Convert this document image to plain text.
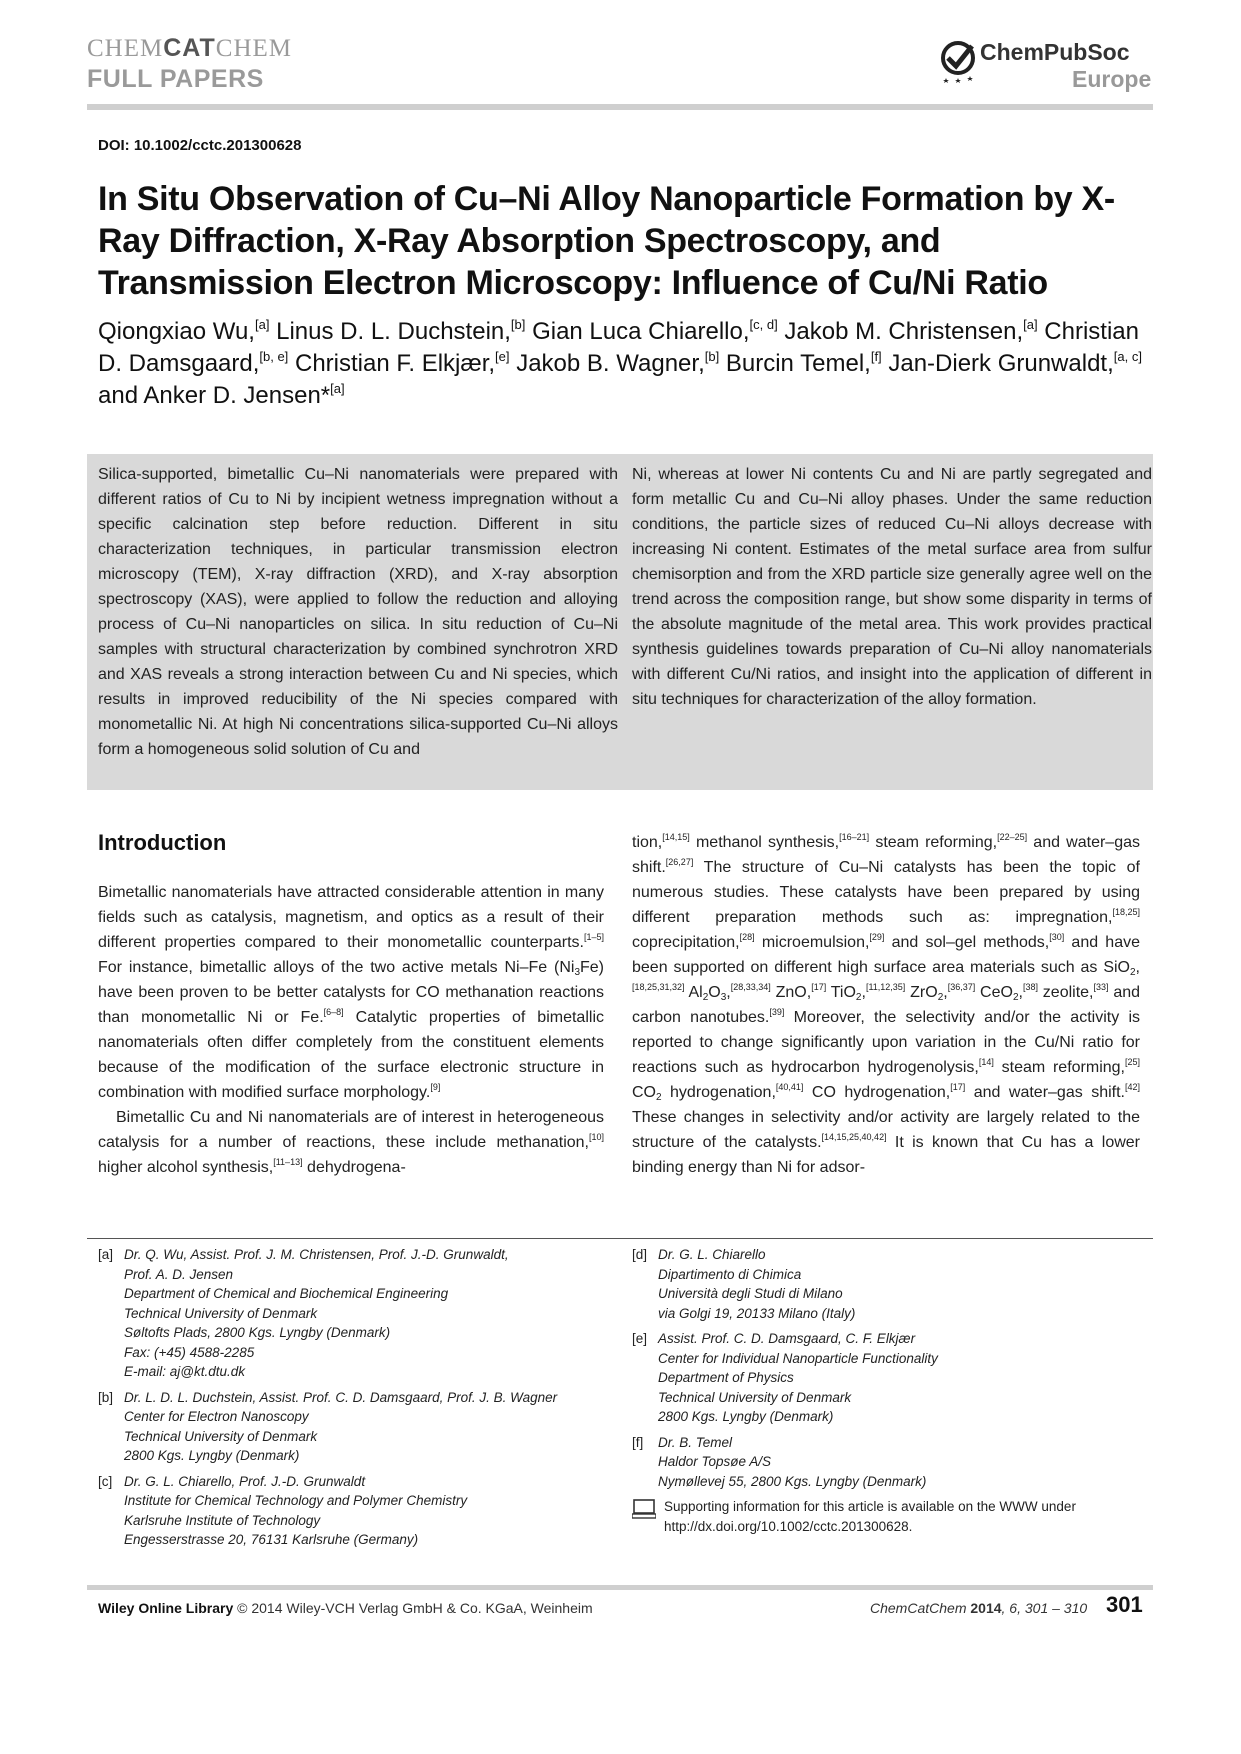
CHEMCATCHEM
FULL PAPERS
ChemPubSoc
Europe
DOI: 10.1002/cctc.201300628
In Situ Observation of Cu–Ni Alloy Nanoparticle Formation by X-Ray Diffraction, X-Ray Absorption Spectroscopy, and Transmission Electron Microscopy: Influence of Cu/Ni Ratio
Qiongxiao Wu,[a] Linus D. L. Duchstein,[b] Gian Luca Chiarello,[c, d] Jakob M. Christensen,[a] Christian D. Damsgaard,[b, e] Christian F. Elkjær,[e] Jakob B. Wagner,[b] Burcin Temel,[f] Jan-Dierk Grunwaldt,[a, c] and Anker D. Jensen*[a]
Silica-supported, bimetallic Cu–Ni nanomaterials were prepared with different ratios of Cu to Ni by incipient wetness impregnation without a specific calcination step before reduction. Different in situ characterization techniques, in particular transmission electron microscopy (TEM), X-ray diffraction (XRD), and X-ray absorption spectroscopy (XAS), were applied to follow the reduction and alloying process of Cu–Ni nanoparticles on silica. In situ reduction of Cu–Ni samples with structural characterization by combined synchrotron XRD and XAS reveals a strong interaction between Cu and Ni species, which results in improved reducibility of the Ni species compared with monometallic Ni. At high Ni concentrations silica-supported Cu–Ni alloys form a homogeneous solid solution of Cu and
Ni, whereas at lower Ni contents Cu and Ni are partly segregated and form metallic Cu and Cu–Ni alloy phases. Under the same reduction conditions, the particle sizes of reduced Cu–Ni alloys decrease with increasing Ni content. Estimates of the metal surface area from sulfur chemisorption and from the XRD particle size generally agree well on the trend across the composition range, but show some disparity in terms of the absolute magnitude of the metal area. This work provides practical synthesis guidelines towards preparation of Cu–Ni alloy nanomaterials with different Cu/Ni ratios, and insight into the application of different in situ techniques for characterization of the alloy formation.
Introduction

Bimetallic nanomaterials have attracted considerable attention in many fields such as catalysis, magnetism, and optics as a result of their different properties compared to their monometallic counterparts.[1–5] For instance, bimetallic alloys of the two active metals Ni–Fe $(Ni_3Fe)$ have been proven to be better catalysts for CO methanation reactions than monometallic Ni or Fe.[6–8] Catalytic properties of bimetallic nanomaterials often differ completely from the constituent elements because of the modification of the surface electronic structure in combination with modified surface morphology.[9]

Bimetallic Cu and Ni nanomaterials are of interest in heterogeneous catalysis for a number of reactions, these include methanation,[10] higher alcohol synthesis,[11–13] dehydrogena-

tion,[14,15] methanol synthesis,[16–21] steam reforming,[22–25] and water–gas shift.[26,27] The structure of Cu–Ni catalysts has been the topic of numerous studies. These catalysts have been prepared by using different preparation methods such as: impregnation,[18,25] coprecipitation,[28] microemulsion,[29] and sol–gel methods,[30] and have been supported on different high surface area materials such as SiO$_2$,[18,25,31,32] $Al_2O_3,[28,33,34]$ ZnO,[17] TiO$_2$,[11,12,35] ZrO$_2$,[36,37] CeO$_2$,[38] zeolite,[33] and carbon nanotubes.[39] Moreover, the selectivity and/or the activity is reported to change significantly upon variation in the Cu/Ni ratio for reactions such as hydrocarbon hydrogenolysis,[14] steam reforming,[25] $CO_2$ hydrogenation,[40,41] CO hydrogenation,[17] and water–gas shift.[42] These changes in selectivity and/or activity are largely related to the structure of the catalysts.[14,15,25,40,42] It is known that Cu has a lower binding energy than Ni for adsor-

[a] Dr. Q. Wu, Assist. Prof. J. M. Christensen, Prof. J.-D. Grunwaldt,
Prof. A. D. Jensen
Department of Chemical and Biochemical Engineering
Technical University of Denmark
Søltofts Plads, 2800 Kgs. Lyngby (Denmark)
Fax: (+45) 4588-2285
E-mail: aj@kt.dtu.dk
[b] Dr. L. D. L. Duchstein, Assist. Prof. C. D. Damsgaard, Prof. J. B. Wagner
Center for Electron Nanoscopy
Technical University of Denmark
2800 Kgs. Lyngby (Denmark)
[c] Dr. G. L. Chiarello, Prof. J.-D. Grunwaldt
Institute for Chemical Technology and Polymer Chemistry
Karlsruhe Institute of Technology
Engesserstrasse 20, 76131 Karlsruhe (Germany)
[d] Dr. G. L. Chiarello
Dipartimento di Chimica
Università degli Studi di Milano
via Golgi 19, 20133 Milano (Italy)
[e] Assist. Prof. C. D. Damsgaard, C. F. Elkjær
Center for Individual Nanoparticle Functionality
Department of Physics
Technical University of Denmark
2800 Kgs. Lyngby (Denmark)
[f]	Dr. B. Temel
Haldor Topsøe A/S
Nymøllevej 55, 2800 Kgs. Lyngby (Denmark)
Supporting information for this article is available on the WWW under
http://dx.doi.org/10.1002/cctc.201300628.
Wiley Online Library © 2014 Wiley-VCH Verlag GmbH & Co. KGaA, Weinheim	ChemCatChem 2014, 6, 301 – 310 301
